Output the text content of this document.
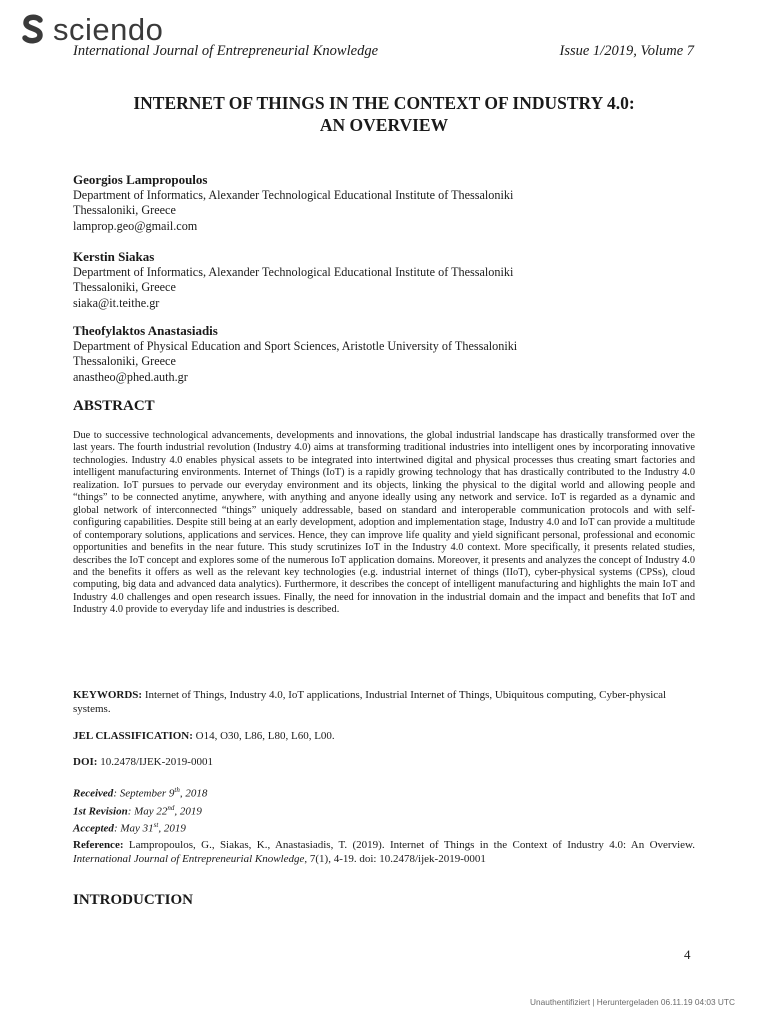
sciendo
International Journal of Entrepreneurial Knowledge	Issue 1/2019, Volume 7
INTERNET OF THINGS IN THE CONTEXT OF INDUSTRY 4.0:
AN OVERVIEW
Georgios Lampropoulos
Department of Informatics, Alexander Technological Educational Institute of Thessaloniki
Thessaloniki, Greece
lamprop.geo@gmail.com
Kerstin Siakas
Department of Informatics, Alexander Technological Educational Institute of Thessaloniki
Thessaloniki, Greece
siaka@it.teithe.gr
Theofylaktos Anastasiadis
Department of Physical Education and Sport Sciences, Aristotle University of Thessaloniki
Thessaloniki, Greece
anastheo@phed.auth.gr
ABSTRACT
Due to successive technological advancements, developments and innovations, the global industrial landscape has drastically transformed over the last years. The fourth industrial revolution (Industry 4.0) aims at transforming traditional industries into intelligent ones by incorporating innovative technologies. Industry 4.0 enables physical assets to be integrated into intertwined digital and physical processes thus creating smart factories and intelligent manufacturing environments. Internet of Things (IoT) is a rapidly growing technology that has drastically contributed to the Industry 4.0 realization. IoT pursues to pervade our everyday environment and its objects, linking the physical to the digital world and allowing people and “things” to be connected anytime, anywhere, with anything and anyone ideally using any network and service. IoT is regarded as a dynamic and global network of interconnected “things” uniquely addressable, based on standard and interoperable communication protocols and with self-configuring capabilities. Despite still being at an early development, adoption and implementation stage, Industry 4.0 and IoT can provide a multitude of contemporary solutions, applications and services. Hence, they can improve life quality and yield significant personal, professional and economic opportunities and benefits in the near future. This study scrutinizes IoT in the Industry 4.0 context. More specifically, it presents related studies, describes the IoT concept and explores some of the numerous IoT application domains. Moreover, it presents and analyzes the concept of Industry 4.0 and the benefits it offers as well as the relevant key technologies (e.g. industrial internet of things (IIoT), cyber-physical systems (CPSs), cloud computing, big data and advanced data analytics). Furthermore, it describes the concept of intelligent manufacturing and highlights the main IoT and Industry 4.0 challenges and open research issues. Finally, the need for innovation in the industrial domain and the impact and benefits that IoT and Industry 4.0 provide to everyday life and industries is described.
KEYWORDS: Internet of Things, Industry 4.0, IoT applications, Industrial Internet of Things, Ubiquitous computing, Cyber-physical systems.
JEL CLASSIFICATION: O14, O30, L86, L80, L60, L00.
DOI: 10.2478/IJEK-2019-0001
Received: September 9th, 2018
1st Revision: May 22nd, 2019
Accepted: May 31st, 2019
Reference: Lampropoulos, G., Siakas, K., Anastasiadis, T. (2019). Internet of Things in the Context of Industry 4.0: An Overview. International Journal of Entrepreneurial Knowledge, 7(1), 4-19. doi: 10.2478/ijek-2019-0001
INTRODUCTION
4
Unauthentifiziert | Heruntergeladen 06.11.19 04:03 UTC
